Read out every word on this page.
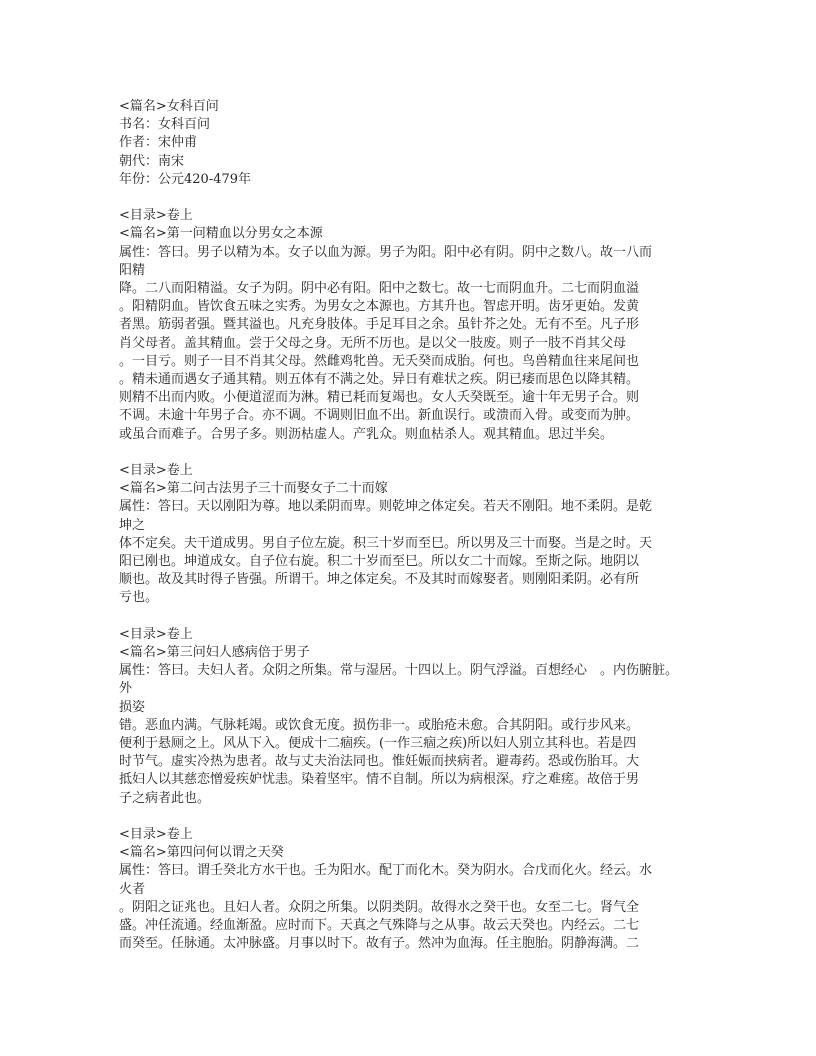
<篇名>女科百问
书名：女科百问
作者：宋仲甫
朝代：南宋
年份：公元420-479年
<目录>卷上
<篇名>第一问精血以分男女之本源
属性：答曰。男子以精为本。女子以血为源。男子为阳。阳中必有阴。阴中之数八。故一八而
阳精
降。二八而阳精溢。女子为阴。阴中必有阳。阳中之数七。故一七而阴血升。二七而阴血溢
。阳精阴血。皆饮食五味之实秀。为男女之本源也。方其升也。智虑开明。齿牙更始。发黄
者黑。筋弱者强。暨其溢也。凡充身肢体。手足耳目之余。虽针芥之处。无有不至。凡子形
肖父母者。盖其精血。尝于父母之身。无所不历也。是以父一肢废。则子一肢不肖其父母
。一目亏。则子一目不肖其父母。然雌鸡牝兽。无夭癸而成胎。何也。鸟兽精血往来尾间也
。精未通而遇女子通其精。则五体有不满之处。异日有难状之疾。阴已痿而思色以降其精。
则精不出而内败。小便道涩而为淋。精已耗而复竭也。女人夭癸既至。逾十年无男子合。则
不调。未逾十年男子合。亦不调。不调则旧血不出。新血误行。或溃而入骨。或变而为肿。
或虽合而难子。合男子多。则沥枯虚人。产乳众。则血枯杀人。观其精血。思过半矣。
<目录>卷上
<篇名>第二问古法男子三十而娶女子二十而嫁
属性：答曰。天以刚阳为尊。地以柔阴而卑。则乾坤之体定矣。若天不刚阳。地不柔阴。是乾
坤之
体不定矣。夫干道成男。男自子位左旋。积三十岁而至巳。所以男及三十而娶。当是之时。天
阳已刚也。坤道成女。自子位右旋。积二十岁而至巳。所以女二十而嫁。至斯之际。地阴以
顺也。故及其时得子皆强。所谓干。坤之体定矣。不及其时而嫁娶者。则刚阳柔阴。必有所
亏也。
<目录>卷上
<篇名>第三问妇人感病倍于男子
属性：答曰。夫妇人者。众阴之所集。常与湿居。十四以上。阴气浮溢。百想经心　。内伤腑脏。
外
损姿
错。恶血内满。气脉耗竭。或饮食无度。损伤非一。或胎疮未愈。合其阴阳。或行步风来。
便利于悬厕之上。风从下入。便成十二痼疾。(一作三痼之疾)所以妇人别立其科也。若是四
时节气。虚实冷热为患者。故与丈夫治法同也。惟妊娠而挟病者。避毒药。恐或伤胎耳。大
抵妇人以其慈恋憎爱疾妒忧恚。染着坚牢。情不自制。所以为病根深。疗之难瘥。故倍于男
子之病者此也。
<目录>卷上
<篇名>第四问何以谓之天癸
属性：答曰。谓壬癸北方水干也。壬为阳水。配丁而化木。癸为阴水。合戊而化火。经云。水
火者
。阴阳之证兆也。且妇人者。众阴之所集。以阴类阴。故得水之癸干也。女至二七。肾气全
盛。冲任流通。经血渐盈。应时而下。天真之气殊降与之从事。故云天癸也。内经云。二七
而癸至。任脉通。太冲脉盛。月事以时下。故有子。然冲为血海。任主胞胎。阴静海满。二
